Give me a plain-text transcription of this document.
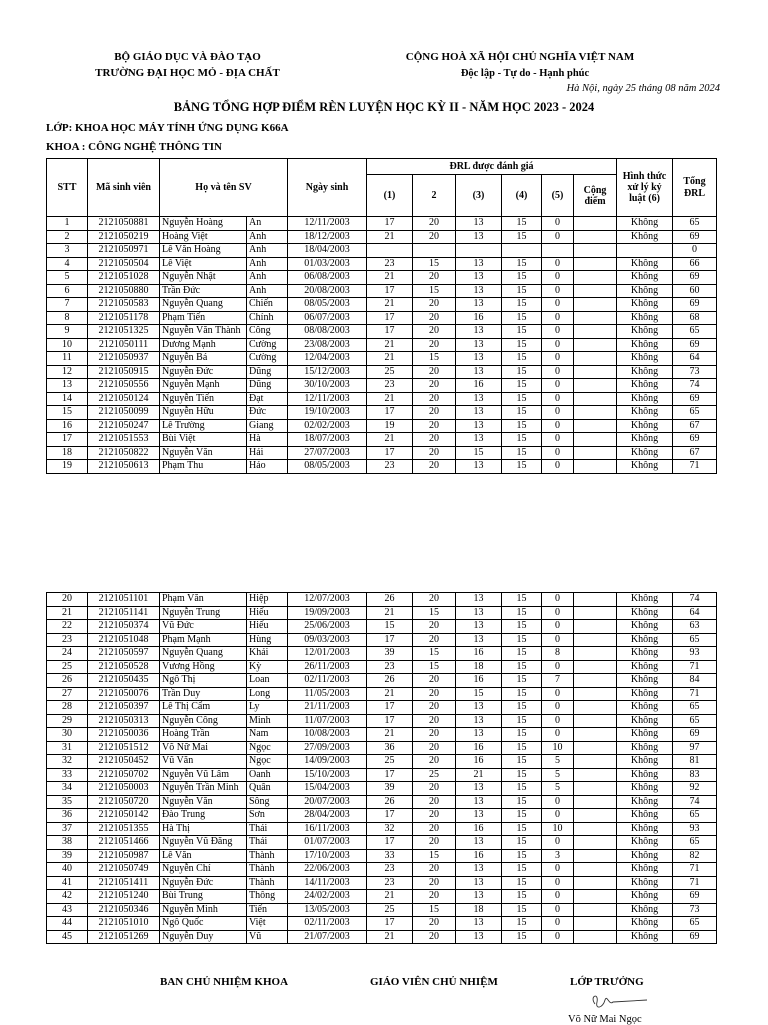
BỘ GIÁO DỤC VÀ ĐÀO TẠO
TRƯỜNG ĐẠI HỌC MỎ - ĐỊA CHẤT
CỘNG HOÀ XÃ HỘI CHỦ NGHĨA VIỆT NAM
Độc lập - Tự do - Hạnh phúc
Hà Nội, ngày 25 tháng 08 năm 2024
BẢNG TỔNG HỢP ĐIỂM RÈN LUYỆN HỌC KỲ II - NĂM HỌC 2023 - 2024
LỚP: KHOA HỌC MÁY TÍNH ỨNG DỤNG K66A
KHOA : CÔNG NGHỆ THÔNG TIN
STT	Mã sinh viên	Họ và tên SV		Ngày sinh	ĐRL được đánh giá						Hình thức xử lý kỷ luật (6)	Tổng ĐRL
					(1)	2	(3)	(4)	(5)	Cộng điểm		
1	2121050881	Nguyễn Hoàng	An	12/11/2003	17	20	13	15	0		Không	65
2	2121050219	Hoàng Việt	Anh	18/12/2003	21	20	13	15	0		Không	69
3	2121050971	Lê Văn Hoàng	Anh	18/04/2003								0
4	2121050504	Lê Việt	Anh	01/03/2003	23	15	13	15	0		Không	66
5	2121051028	Nguyễn Nhật	Anh	06/08/2003	21	20	13	15	0		Không	69
6	2121050880	Trần Đức	Anh	20/08/2003	17	15	13	15	0		Không	60
7	2121050583	Nguyễn Quang	Chiến	08/05/2003	21	20	13	15	0		Không	69
8	2121051178	Phạm Tiến	Chính	06/07/2003	17	20	16	15	0		Không	68
9	2121051325	Nguyễn Văn Thành	Công	08/08/2003	17	20	13	15	0		Không	65
10	2121050111	Dương Mạnh	Cường	23/08/2003	21	20	13	15	0		Không	69
11	2121050937	Nguyễn Bá	Cường	12/04/2003	21	15	13	15	0		Không	64
12	2121050915	Nguyễn Đức	Dũng	15/12/2003	25	20	13	15	0		Không	73
13	2121050556	Nguyễn Mạnh	Dũng	30/10/2003	23	20	16	15	0		Không	74
14	2121050124	Nguyễn Tiến	Đạt	12/11/2003	21	20	13	15	0		Không	69
15	2121050099	Nguyễn Hữu	Đức	19/10/2003	17	20	13	15	0		Không	65
16	2121050247	Lê Trường	Giang	02/02/2003	19	20	13	15	0		Không	67
17	2121051553	Bùi Việt	Hà	18/07/2003	21	20	13	15	0		Không	69
18	2121050822	Nguyễn Văn	Hải	27/07/2003	17	20	15	15	0		Không	67
19	2121050613	Phạm Thu	Hảo	08/05/2003	23	20	13	15	0		Không	71
20	2121051101	Phạm Văn	Hiệp	12/07/2003	26	20	13	15	0		Không	74
21	2121051141	Nguyễn Trung	Hiếu	19/09/2003	21	15	13	15	0		Không	64
22	2121050374	Vũ Đức	Hiếu	25/06/2003	15	20	13	15	0		Không	63
23	2121051048	Phạm Mạnh	Hùng	09/03/2003	17	20	13	15	0		Không	65
24	2121050597	Nguyễn Quang	Khải	12/01/2003	39	15	16	15	8		Không	93
25	2121050528	Vương Hồng	Kỳ	26/11/2003	23	15	18	15	0		Không	71
26	2121050435	Ngô Thị	Loan	02/11/2003	26	20	16	15	7		Không	84
27	2121050076	Trần Duy	Long	11/05/2003	21	20	15	15	0		Không	71
28	2121050397	Lê Thị Cẩm	Ly	21/11/2003	17	20	13	15	0		Không	65
29	2121050313	Nguyễn Công	Minh	11/07/2003	17	20	13	15	0		Không	65
30	2121050036	Hoàng Trần	Nam	10/08/2003	21	20	13	15	0		Không	69
31	2121051512	Võ Nữ Mai	Ngọc	27/09/2003	36	20	16	15	10		Không	97
32	2121050452	Vũ Văn	Ngọc	14/09/2003	25	20	16	15	5		Không	81
33	2121050702	Nguyễn Vũ Lâm	Oanh	15/10/2003	17	25	21	15	5		Không	83
34	2121050003	Nguyễn Trần Minh	Quân	15/04/2003	39	20	13	15	5		Không	92
35	2121050720	Nguyễn Văn	Sông	20/07/2003	26	20	13	15	0		Không	74
36	2121050142	Đào Trung	Sơn	28/04/2003	17	20	13	15	0		Không	65
37	2121051355	Hà Thị	Thái	16/11/2003	32	20	16	15	10		Không	93
38	2121051466	Nguyễn Vũ Đăng	Thái	01/07/2003	17	20	13	15	0		Không	65
39	2121050987	Lê Văn	Thành	17/10/2003	33	15	16	15	3		Không	82
40	2121050749	Nguyễn Chí	Thành	22/06/2003	23	20	13	15	0		Không	71
41	2121051411	Nguyễn Đức	Thành	14/11/2003	23	20	13	15	0		Không	71
42	2121051240	Bùi Trung	Thông	24/02/2003	21	20	13	15	0		Không	69
43	2121050346	Nguyễn Minh	Tiến	13/05/2003	25	15	18	15	0		Không	73
44	2121051010	Ngô Quốc	Việt	02/11/2003	17	20	13	15	0		Không	65
45	2121051269	Nguyễn Duy	Vũ	21/07/2003	21	20	13	15	0		Không	69
BAN CHỦ NHIỆM KHOA	GIÁO VIÊN CHỦ NHIỆM	LỚP TRƯỞNG
Võ Nữ Mai Ngọc
